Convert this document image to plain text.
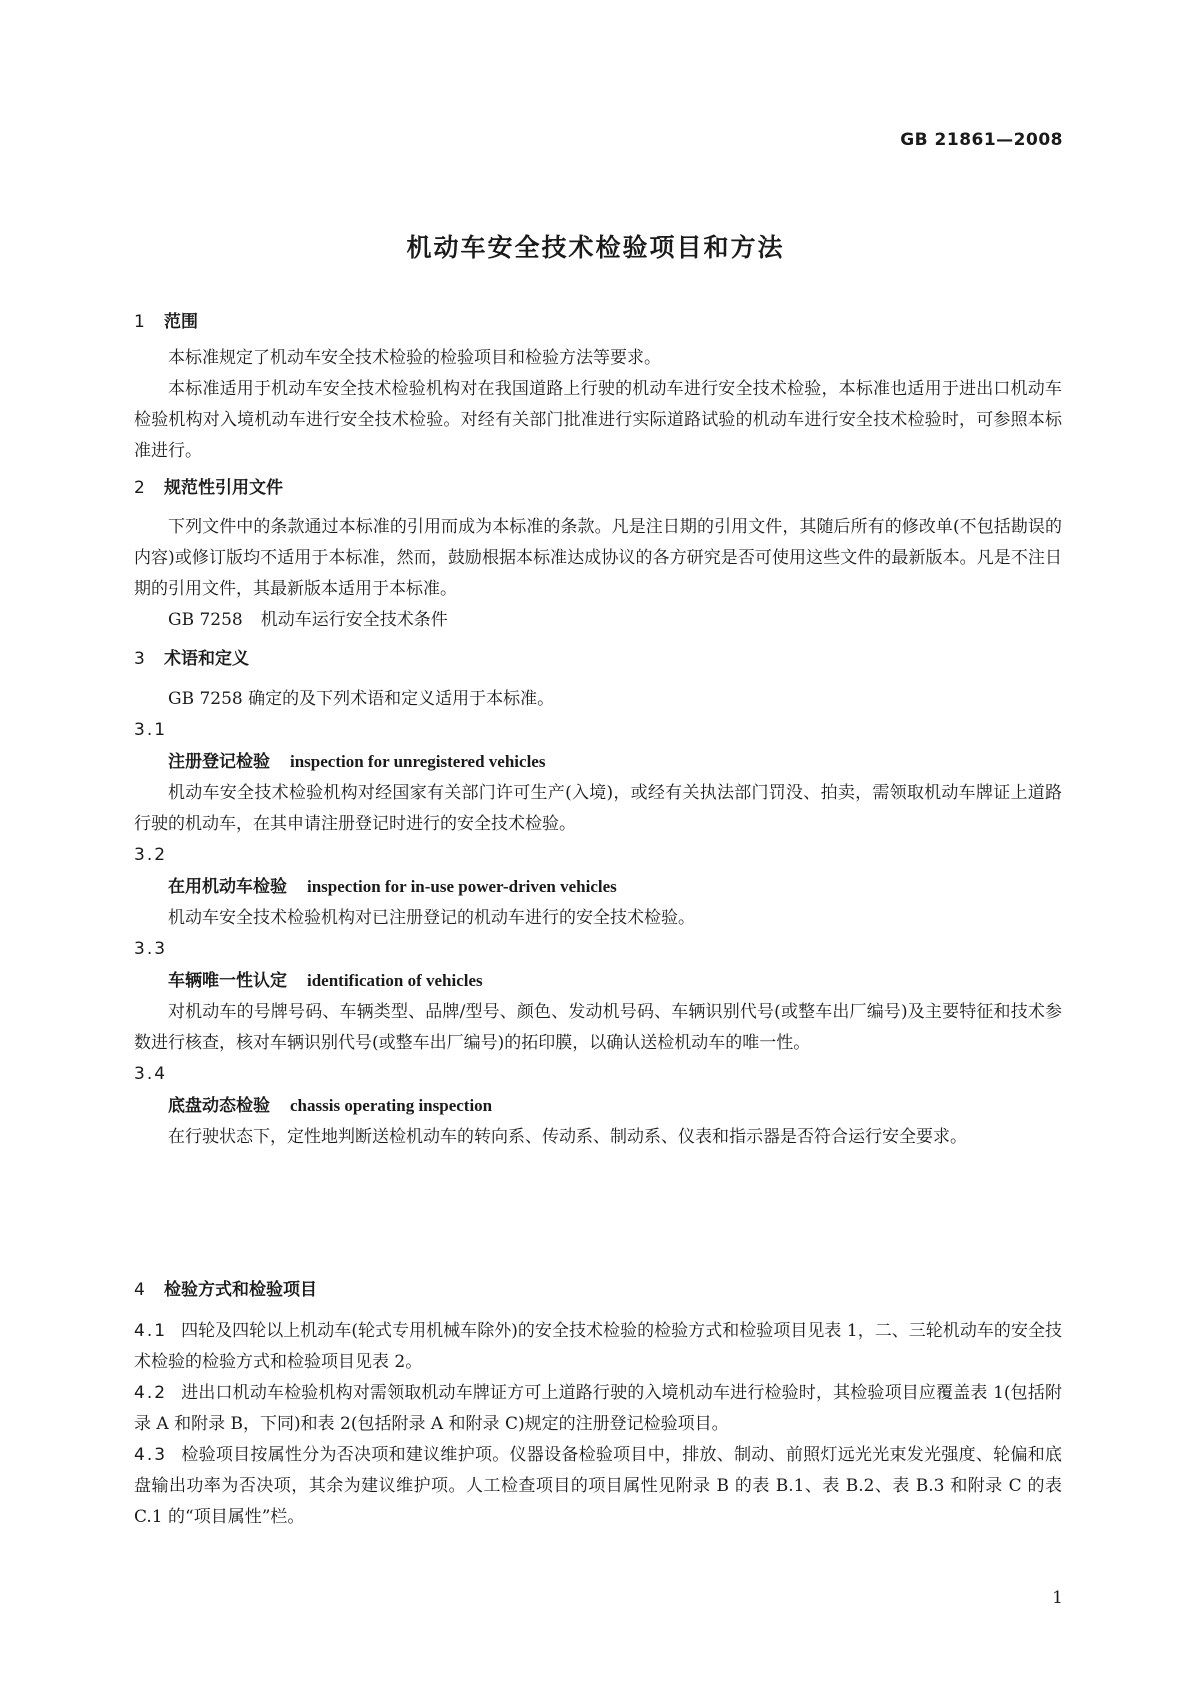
GB 21861—2008
机动车安全技术检验项目和方法
1 范围

本标准规定了机动车安全技术检验的检验项目和检验方法等要求。

本标准适用于机动车安全技术检验机构对在我国道路上行驶的机动车进行安全技术检验，本标准也适用于进出口机动车检验机构对入境机动车进行安全技术检验。对经有关部门批准进行实际道路试验的机动车进行安全技术检验时，可参照本标准进行。

2 规范性引用文件

下列文件中的条款通过本标准的引用而成为本标准的条款。凡是注日期的引用文件，其随后所有的修改单(不包括勘误的内容)或修订版均不适用于本标准，然而，鼓励根据本标准达成协议的各方研究是否可使用这些文件的最新版本。凡是不注日期的引用文件，其最新版本适用于本标准。

GB 7258 机动车运行安全技术条件
3 术语和定义

GB 7258 确定的及下列术语和定义适用于本标准。

3.1
注册登记检验 inspection for unregistered vehicles

机动车安全技术检验机构对经国家有关部门许可生产(入境)，或经有关执法部门罚没、拍卖，需领取机动车牌证上道路行驶的机动车，在其申请注册登记时进行的安全技术检验。

3.2
在用机动车检验 inspection for in-use power-driven vehicles

机动车安全技术检验机构对已注册登记的机动车进行的安全技术检验。

3.3
车辆唯一性认定 identification of vehicles

对机动车的号牌号码、车辆类型、品牌/型号、颜色、发动机号码、车辆识别代号(或整车出厂编号)及主要特征和技术参数进行核查，核对车辆识别代号(或整车出厂编号)的拓印膜，以确认送检机动车的唯一性。

3.4
底盘动态检验 chassis operating inspection

在行驶状态下，定性地判断送检机动车的转向系、传动系、制动系、仪表和指示器是否符合运行安全要求。

4 检验方式和检验项目

4.1 四轮及四轮以上机动车(轮式专用机械车除外)的安全技术检验的检验方式和检验项目见表 1，二、三轮机动车的安全技术检验的检验方式和检验项目见表 2。

4.2 进出口机动车检验机构对需领取机动车牌证方可上道路行驶的入境机动车进行检验时，其检验项目应覆盖表 1(包括附录 A 和附录 B，下同)和表 2(包括附录 A 和附录 C)规定的注册登记检验项目。

4.3 检验项目按属性分为否决项和建议维护项。仪器设备检验项目中，排放、制动、前照灯远光光束发光强度、轮偏和底盘输出功率为否决项，其余为建议维护项。人工检查项目的项目属性见附录 B 的表 B.1、表 B.2、表 B.3 和附录 C 的表 C.1 的“项目属性”栏。

1
